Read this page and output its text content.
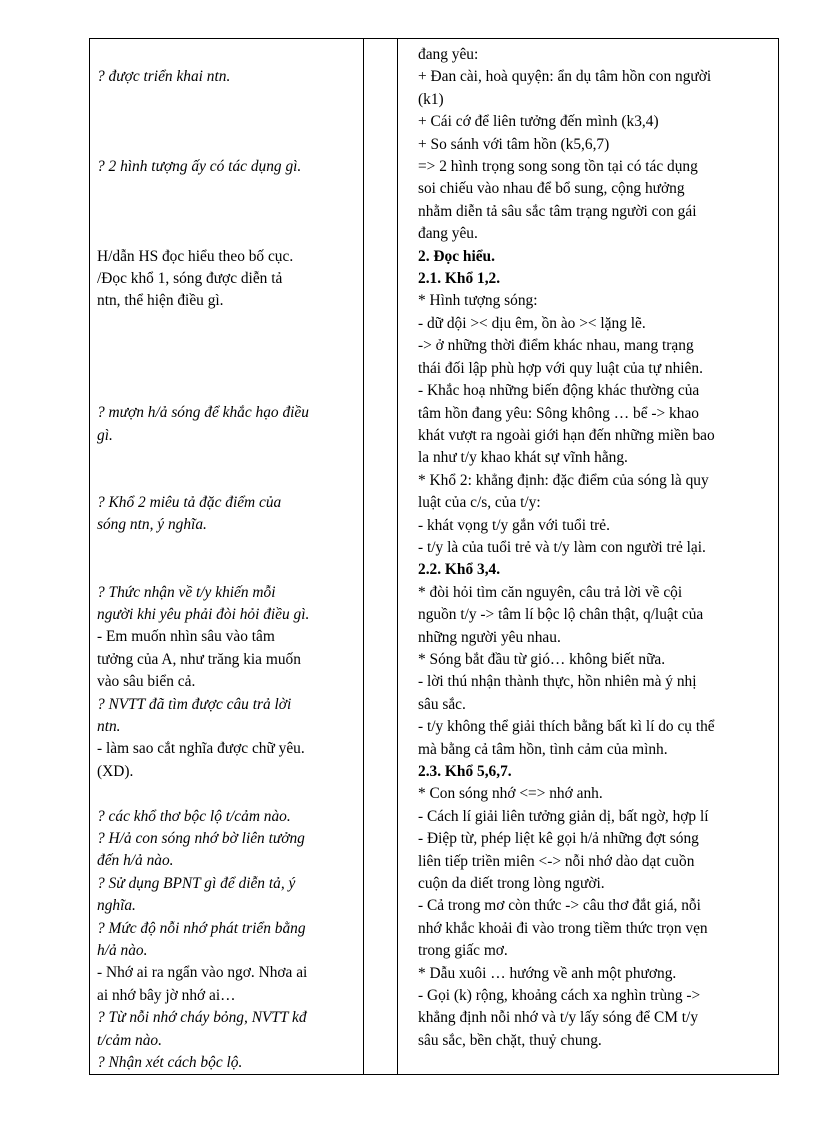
? được triển khai ntn.
? 2 hình tượng ấy có tác dụng gì.
H/dẫn HS đọc hiểu theo bố cục.
/Đọc khổ 1, sóng được diễn tả
ntn, thể hiện điều gì.
? mượn h/ả sóng để khắc hạo điều
gì.
? Khổ 2 miêu tả đặc điểm của
sóng ntn, ý nghĩa.
? Thức nhận về t/y khiến mỗi
người khi yêu phải đòi hỏi điều gì.
- Em muốn nhìn sâu vào tâm
tưởng của A, như trăng kia muốn
vào sâu biển cả.
? NVTT đã tìm được câu trả lời
ntn.
- làm sao cắt nghĩa được chữ yêu.
(XD).
? các khổ thơ bộc lộ t/cảm nào.
? H/ả con sóng nhớ bờ liên tưởng
đến h/ả nào.
? Sử dụng BPNT gì để diễn tả, ý
nghĩa.
? Mức độ nỗi nhớ phát triển bằng
h/ả nào.
- Nhớ ai ra ngẩn vào ngơ. Nhơa ai
ai nhớ bây jờ nhớ ai…
? Từ nỗi nhớ cháy bỏng, NVTT kđ
t/cảm nào.
? Nhận xét cách bộc lộ.

đang yêu:
+ Đan cài, hoà quyện: ẩn dụ tâm hồn con người
(k1)
+ Cái cớ để liên tưởng đến mình (k3,4)
+ So sánh với tâm hồn (k5,6,7)
=> 2 hình trọng song song tồn tại có tác dụng
soi chiếu vào nhau để bổ sung, cộng hưởng
nhằm diễn tả sâu sắc tâm trạng người con gái
đang yêu.
2. Đọc hiểu.
2.1. Khổ 1,2.
* Hình tượng sóng:
- dữ dội >< dịu êm, ồn ào >< lặng lẽ.
-> ở những thời điểm khác nhau, mang trạng
thái đối lập phù hợp với quy luật của tự nhiên.
- Khắc hoạ những biến động khác thường của
tâm hồn đang yêu: Sông không … bể -> khao
khát vượt ra ngoài giới hạn đến những miền bao
la như t/y khao khát sự vĩnh hằng.
* Khổ 2: khẳng định: đặc điểm của sóng là quy
luật của c/s, của t/y:
- khát vọng t/y gắn với tuổi trẻ.
- t/y là của tuổi trẻ và t/y làm con người trẻ lại.
2.2. Khổ 3,4.
* đòi hỏi tìm căn nguyên, câu trả lời về cội
nguồn t/y -> tâm lí bộc lộ chân thật, q/luật của
những người yêu nhau.
* Sóng bắt đầu từ gió… không biết nữa.
- lời thú nhận thành thực, hồn nhiên mà ý nhị
sâu sắc.
- t/y không thể giải thích bằng bất kì lí do cụ thể
mà bằng cả tâm hồn, tình cảm của mình.
2.3. Khổ 5,6,7.
* Con sóng nhớ <=> nhớ anh.
- Cách lí giải liên tưởng giản dị, bất ngờ, hợp lí
- Điệp từ, phép liệt kê gọi h/ả những đợt sóng
liên tiếp triền miên <-> nỗi nhớ dào dạt cuồn
cuộn da diết trong lòng người.
- Cả trong mơ còn thức -> câu thơ đắt giá, nỗi
nhớ khắc khoải đi vào trong tiềm thức trọn vẹn
trong giấc mơ.
* Dẫu xuôi … hướng về anh một phương.
- Gọi (k) rộng, khoảng cách xa nghìn trùng ->
khẳng định nỗi nhớ và t/y lấy sóng để CM t/y
sâu sắc, bền chặt, thuỷ chung.
